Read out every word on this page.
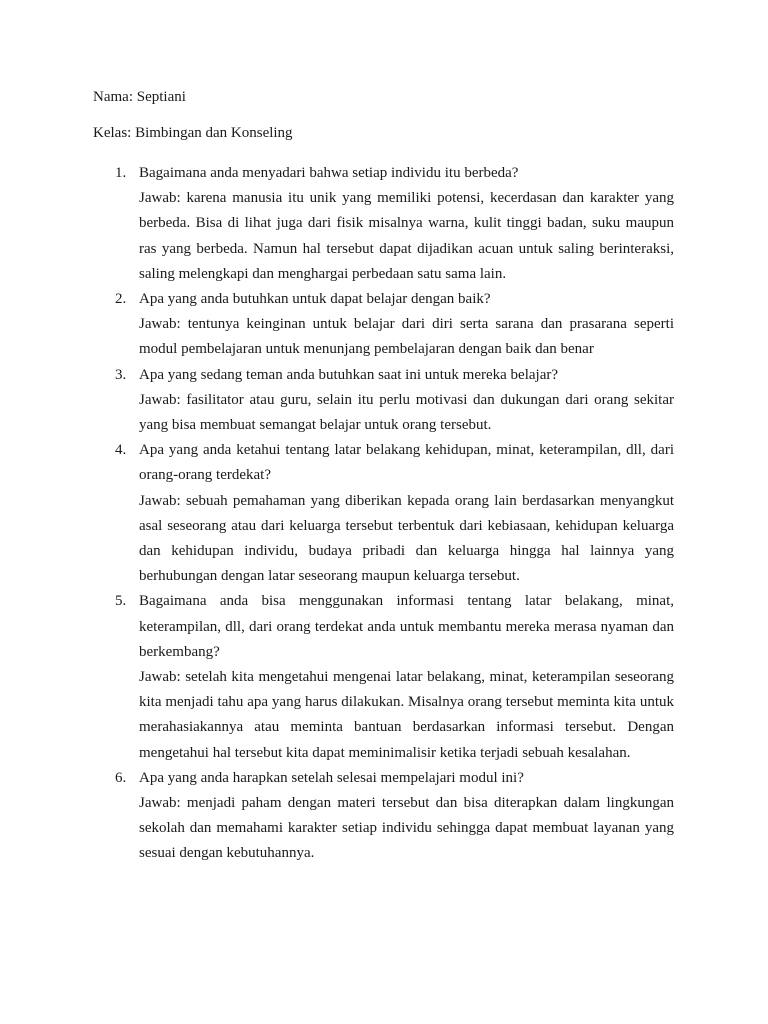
Nama: Septiani
Kelas: Bimbingan dan Konseling
1. Bagaimana anda menyadari bahwa setiap individu itu berbeda?
Jawab: karena manusia itu unik yang memiliki potensi, kecerdasan dan karakter yang berbeda. Bisa di lihat juga dari fisik misalnya warna, kulit tinggi badan, suku maupun ras yang berbeda. Namun hal tersebut dapat dijadikan acuan untuk saling berinteraksi, saling melengkapi dan menghargai perbedaan satu sama lain.
2. Apa yang anda butuhkan untuk dapat belajar dengan baik?
Jawab: tentunya keinginan untuk belajar dari diri serta sarana dan prasarana seperti modul pembelajaran untuk menunjang pembelajaran dengan baik dan benar
3. Apa yang sedang teman anda butuhkan saat ini untuk mereka belajar?
Jawab: fasilitator atau guru, selain itu perlu motivasi dan dukungan dari orang sekitar yang bisa membuat semangat belajar untuk orang tersebut.
4. Apa yang anda ketahui tentang latar belakang kehidupan, minat, keterampilan, dll, dari orang-orang terdekat?
Jawab: sebuah pemahaman yang diberikan kepada orang lain berdasarkan menyangkut asal seseorang atau dari keluarga tersebut terbentuk dari kebiasaan, kehidupan keluarga dan kehidupan individu, budaya pribadi dan keluarga hingga hal lainnya yang berhubungan dengan latar seseorang maupun keluarga tersebut.
5. Bagaimana anda bisa menggunakan informasi tentang latar belakang, minat, keterampilan, dll, dari orang terdekat anda untuk membantu mereka merasa nyaman dan berkembang?
Jawab: setelah kita mengetahui mengenai latar belakang, minat, keterampilan seseorang kita menjadi tahu apa yang harus dilakukan. Misalnya orang tersebut meminta kita untuk merahasiakannya atau meminta bantuan berdasarkan informasi tersebut. Dengan mengetahui hal tersebut kita dapat meminimalisir ketika terjadi sebuah kesalahan.
6. Apa yang anda harapkan setelah selesai mempelajari modul ini?
Jawab: menjadi paham dengan materi tersebut dan bisa diterapkan dalam lingkungan sekolah dan memahami karakter setiap individu sehingga dapat membuat layanan yang sesuai dengan kebutuhannya.
